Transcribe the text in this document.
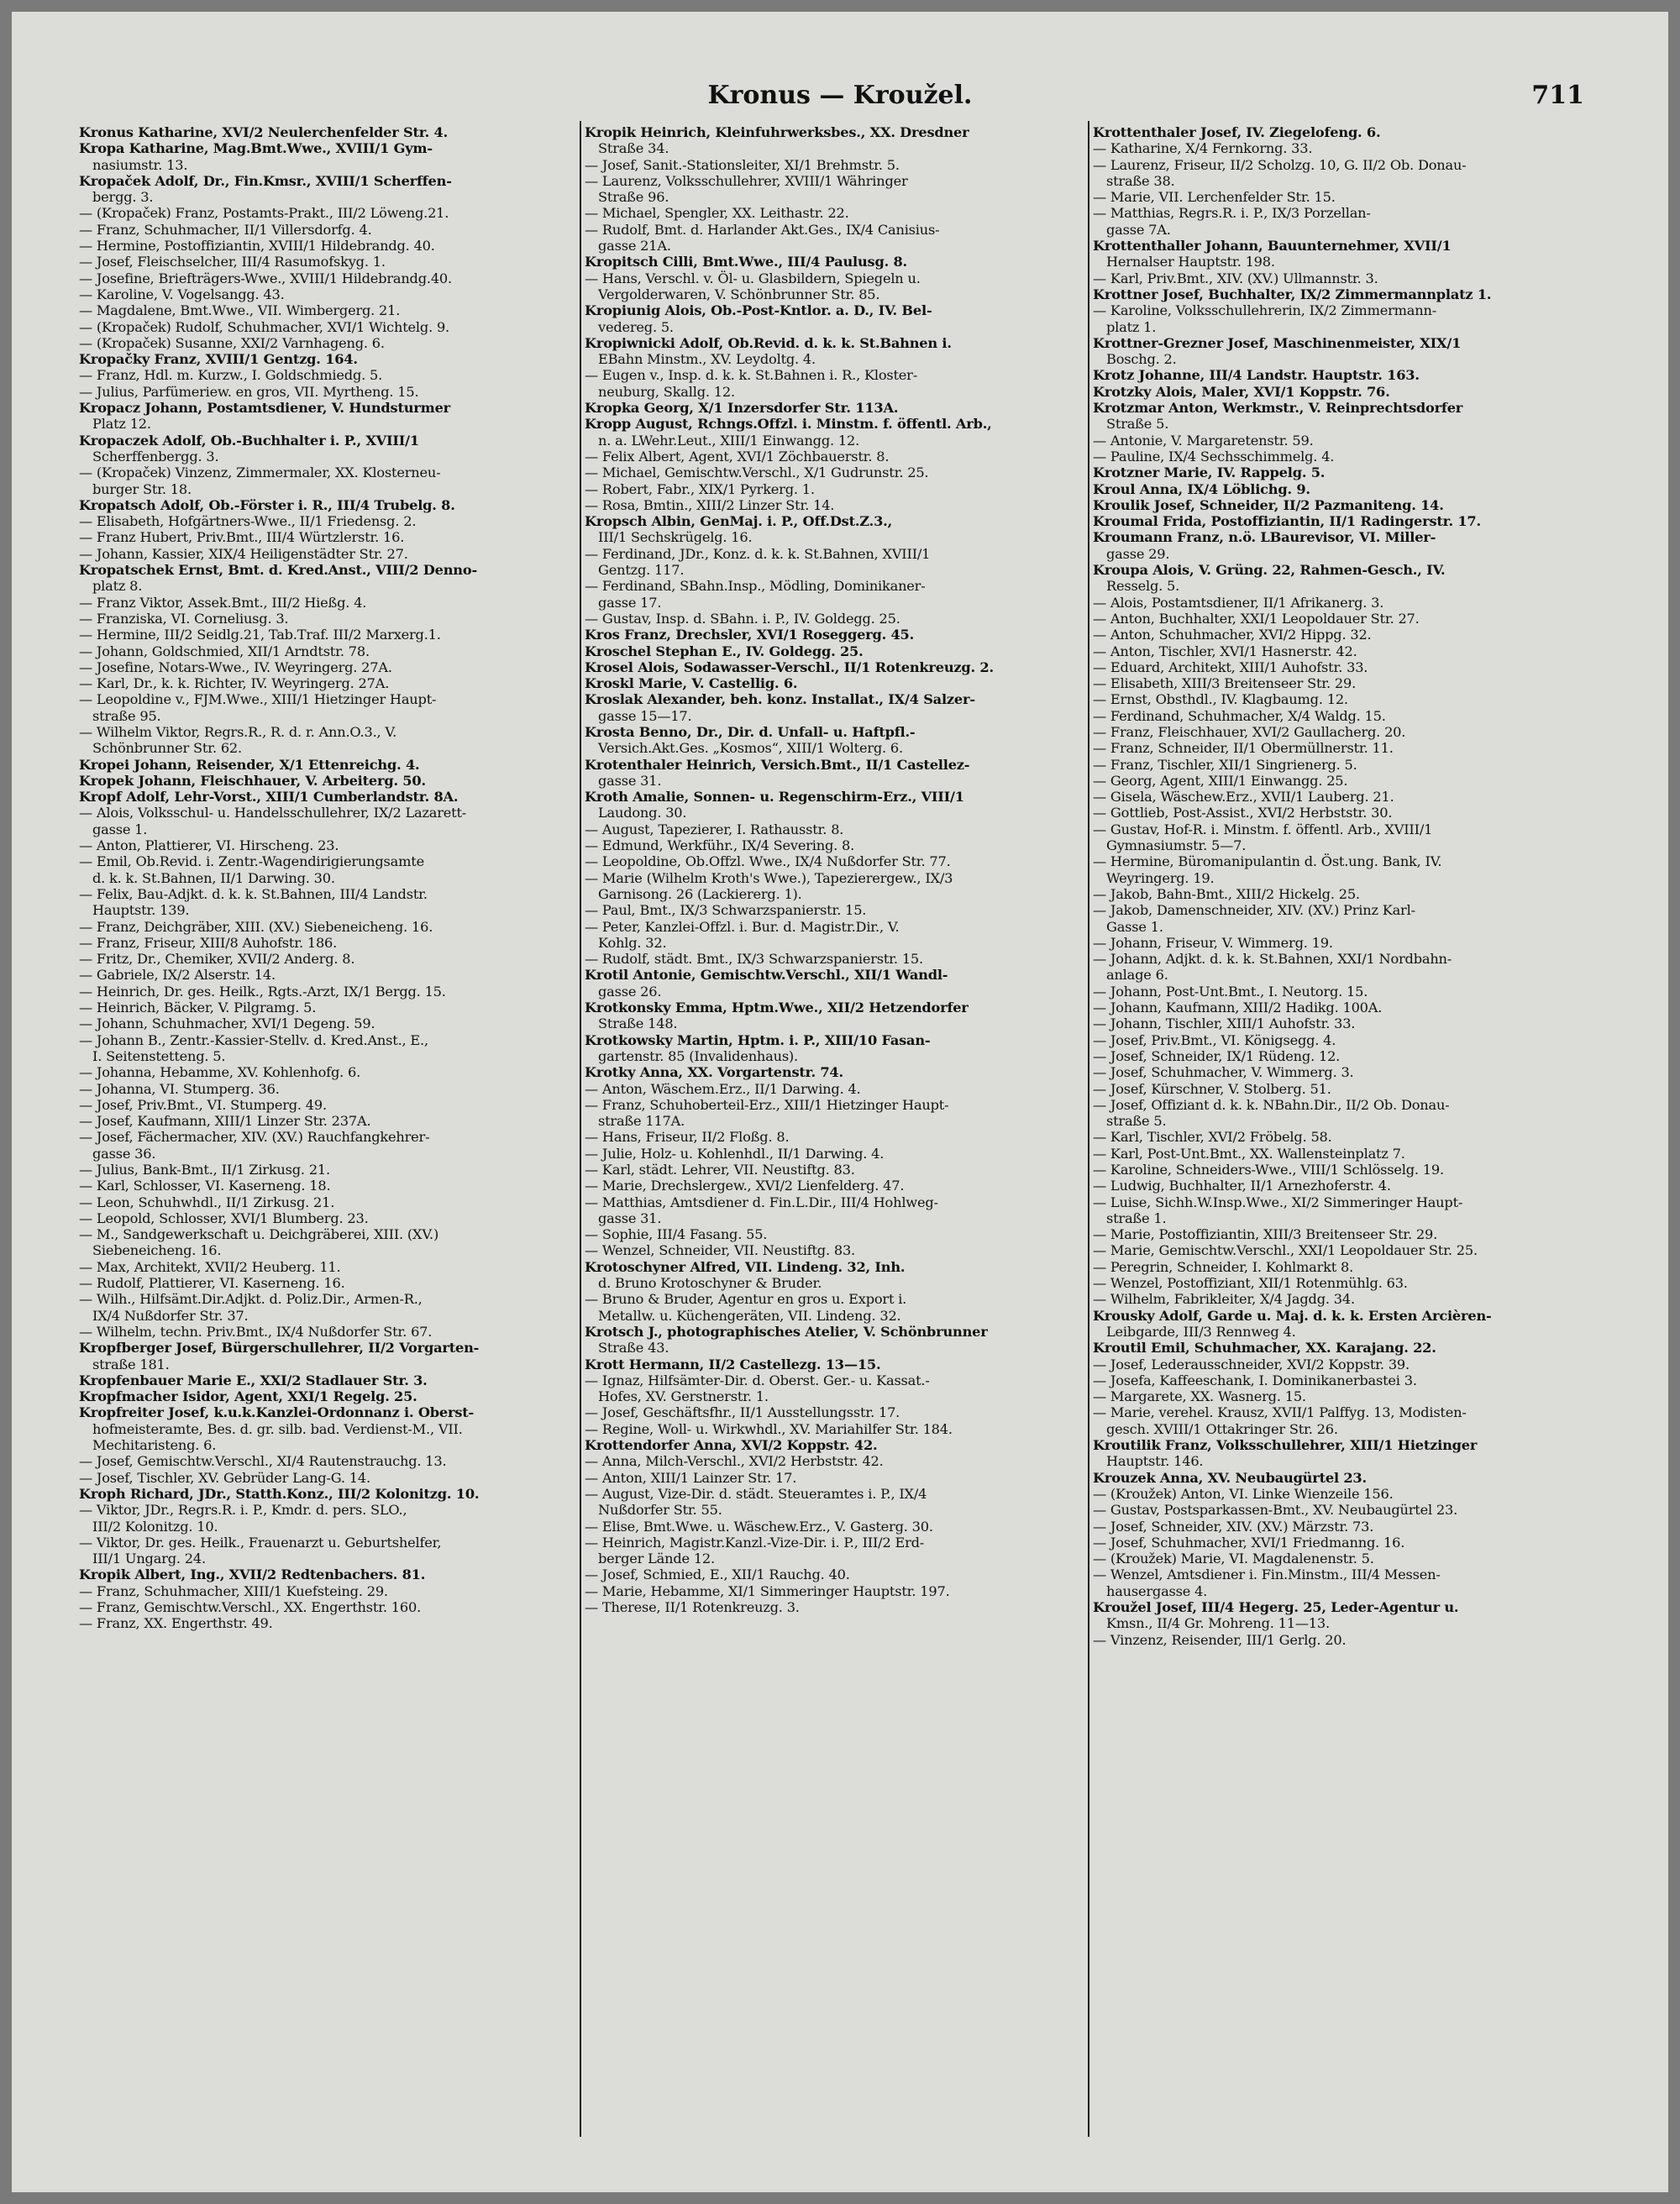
Kronus — Kroužel.	711
Kronus Katharine, XVI/2 Neulerchenfelder Str. 4.
Kropa Katharine, Mag.Bmt.Wwe., XVIII/1 Gym-
nasiumstr. 13.
Kropaček Adolf, Dr., Fin.Kmsr., XVIII/1 Scherffen-
bergg. 3.
— (Kropaček) Franz, Postamts-Prakt., III/2 Löweng.21.
— Franz, Schuhmacher, II/1 Villersdorfg. 4.
— Hermine, Postoffiziantin, XVIII/1 Hildebrandg. 40.
— Josef, Fleischselcher, III/4 Rasumofskyg. 1.
— Josefine, Briefträgers-Wwe., XVIII/1 Hildebrandg.40.
— Karoline, V. Vogelsangg. 43.
— Magdalene, Bmt.Wwe., VII. Wimbergerg. 21.
— (Kropaček) Rudolf, Schuhmacher, XVI/1 Wichtelg. 9.
— (Kropaček) Susanne, XXI/2 Varnhageng. 6.
Kropačky Franz, XVIII/1 Gentzg. 164.
— Franz, Hdl. m. Kurzw., I. Goldschmiedg. 5.
— Julius, Parfümeriew. en gros, VII. Myrtheng. 15.
Kropacz Johann, Postamtsdiener, V. Hundsturmer
Platz 12.
Kropaczek Adolf, Ob.-Buchhalter i. P., XVIII/1
Scherffenbergg. 3.
— (Kropaček) Vinzenz, Zimmermaler, XX. Klosterneu-
burger Str. 18.
Kropatsch Adolf, Ob.-Förster i. R., III/4 Trubelg. 8.
— Elisabeth, Hofgärtners-Wwe., II/1 Friedensg. 2.
— Franz Hubert, Priv.Bmt., III/4 Würtzlerstr. 16.
— Johann, Kassier, XIX/4 Heiligenstädter Str. 27.
Kropatschek Ernst, Bmt. d. Kred.Anst., VIII/2 Denno-
platz 8.
— Franz Viktor, Assek.Bmt., III/2 Hießg. 4.
— Franziska, VI. Corneliusg. 3.
— Hermine, III/2 Seidlg.21, Tab.Traf. III/2 Marxerg.1.
— Johann, Goldschmied, XII/1 Arndtstr. 78.
— Josefine, Notars-Wwe., IV. Weyringerg. 27A.
— Karl, Dr., k. k. Richter, IV. Weyringerg. 27A.
— Leopoldine v., FJM.Wwe., XIII/1 Hietzinger Haupt-
straße 95.
— Wilhelm Viktor, Regrs.R., R. d. r. Ann.O.3., V.
Schönbrunner Str. 62.
Kropei Johann, Reisender, X/1 Ettenreichg. 4.
Kropek Johann, Fleischhauer, V. Arbeiterg. 50.
Kropf Adolf, Lehr-Vorst., XIII/1 Cumberlandstr. 8A.
— Alois, Volksschul- u. Handelsschullehrer, IX/2 Lazarett-
gasse 1.
— Anton, Plattierer, VI. Hirscheng. 23.
— Emil, Ob.Revid. i. Zentr.-Wagendirigierungsamte
d. k. k. St.Bahnen, II/1 Darwing. 30.
— Felix, Bau-Adjkt. d. k. k. St.Bahnen, III/4 Landstr.
Hauptstr. 139.
— Franz, Deichgräber, XIII. (XV.) Siebeneicheng. 16.
— Franz, Friseur, XIII/8 Auhofstr. 186.
— Fritz, Dr., Chemiker, XVII/2 Anderg. 8.
— Gabriele, IX/2 Alserstr. 14.
— Heinrich, Dr. ges. Heilk., Rgts.-Arzt, IX/1 Bergg. 15.
— Heinrich, Bäcker, V. Pilgramg. 5.
— Johann, Schuhmacher, XVI/1 Degeng. 59.
— Johann B., Zentr.-Kassier-Stellv. d. Kred.Anst., E.,
I. Seitenstetteng. 5.
— Johanna, Hebamme, XV. Kohlenhofg. 6.
— Johanna, VI. Stumperg. 36.
— Josef, Priv.Bmt., VI. Stumperg. 49.
— Josef, Kaufmann, XIII/1 Linzer Str. 237A.
— Josef, Fächermacher, XIV. (XV.) Rauchfangkehrer-
gasse 36.
— Julius, Bank-Bmt., II/1 Zirkusg. 21.
— Karl, Schlosser, VI. Kaserneng. 18.
— Leon, Schuhwhdl., II/1 Zirkusg. 21.
— Leopold, Schlosser, XVI/1 Blumberg. 23.
— M., Sandgewerkschaft u. Deichgräberei, XIII. (XV.)
Siebeneicheng. 16.
— Max, Architekt, XVII/2 Heuberg. 11.
— Rudolf, Plattierer, VI. Kaserneng. 16.
— Wilh., Hilfsämt.Dir.Adjkt. d. Poliz.Dir., Armen-R.,
IX/4 Nußdorfer Str. 37.
— Wilhelm, techn. Priv.Bmt., IX/4 Nußdorfer Str. 67.
Kropfberger Josef, Bürgerschullehrer, II/2 Vorgarten-
straße 181.
Kropfenbauer Marie E., XXI/2 Stadlauer Str. 3.
Kropfmacher Isidor, Agent, XXI/1 Regelg. 25.
Kropfreiter Josef, k.u.k.Kanzlei-Ordonnanz i. Oberst-
hofmeisteramte, Bes. d. gr. silb. bad. Verdienst-M., VII.
Mechitaristeng. 6.
— Josef, Gemischtw.Verschl., XI/4 Rautenstrauchg. 13.
— Josef, Tischler, XV. Gebrüder Lang-G. 14.
Kroph Richard, JDr., Statth.Konz., III/2 Kolonitzg. 10.
— Viktor, JDr., Regrs.R. i. P., Kmdr. d. pers. SLO.,
III/2 Kolonitzg. 10.
— Viktor, Dr. ges. Heilk., Frauenarzt u. Geburtshelfer,
III/1 Ungarg. 24.
Kropik Albert, Ing., XVII/2 Redtenbachers. 81.
— Franz, Schuhmacher, XIII/1 Kuefsteing. 29.
— Franz, Gemischtw.Verschl., XX. Engerthstr. 160.
— Franz, XX. Engerthstr. 49.
Kropik Heinrich, Kleinfuhrwerksbes., XX. Dresdner
Straße 34.
— Josef, Sanit.-Stationsleiter, XI/1 Brehmstr. 5.
— Laurenz, Volksschullehrer, XVIII/1 Währinger
Straße 96.
— Michael, Spengler, XX. Leithastr. 22.
— Rudolf, Bmt. d. Harlander Akt.Ges., IX/4 Canisius-
gasse 21A.
Kropitsch Cilli, Bmt.Wwe., III/4 Paulusg. 8.
— Hans, Verschl. v. Öl- u. Glasbildern, Spiegeln u.
Vergolderwaren, V. Schönbrunner Str. 85.
Kropiunig Alois, Ob.-Post-Kntlor. a. D., IV. Bel-
vedereg. 5.
Kropiwnicki Adolf, Ob.Revid. d. k. k. St.Bahnen i.
EBahn Minstm., XV. Leydoltg. 4.
— Eugen v., Insp. d. k. k. St.Bahnen i. R., Kloster-
neuburg, Skallg. 12.
Kropka Georg, X/1 Inzersdorfer Str. 113A.
Kropp August, Rchngs.Offzl. i. Minstm. f. öffentl. Arb.,
n. a. LWehr.Leut., XIII/1 Einwangg. 12.
— Felix Albert, Agent, XVI/1 Zöchbauerstr. 8.
— Michael, Gemischtw.Verschl., X/1 Gudrunstr. 25.
— Robert, Fabr., XIX/1 Pyrkerg. 1.
— Rosa, Bmtin., XIII/2 Linzer Str. 14.
Kropsch Albin, GenMaj. i. P., Off.Dst.Z.3.,
III/1 Sechskrügelg. 16.
— Ferdinand, JDr., Konz. d. k. k. St.Bahnen, XVIII/1
Gentzg. 117.
— Ferdinand, SBahn.Insp., Mödling, Dominikaner-
gasse 17.
— Gustav, Insp. d. SBahn. i. P., IV. Goldegg. 25.
Kros Franz, Drechsler, XVI/1 Roseggerg. 45.
Kroschel Stephan E., IV. Goldegg. 25.
Krosel Alois, Sodawasser-Verschl., II/1 Rotenkreuzg. 2.
Kroskl Marie, V. Castellig. 6.
Kroslak Alexander, beh. konz. Installat., IX/4 Salzer-
gasse 15—17.
Krosta Benno, Dr., Dir. d. Unfall- u. Haftpfl.-
Versich.Akt.Ges. „Kosmos“, XIII/1 Wolterg. 6.
Krotenthaler Heinrich, Versich.Bmt., II/1 Castellez-
gasse 31.
Kroth Amalie, Sonnen- u. Regenschirm-Erz., VIII/1
Laudong. 30.
— August, Tapezierer, I. Rathausstr. 8.
— Edmund, Werkführ., IX/4 Severing. 8.
— Leopoldine, Ob.Offzl. Wwe., IX/4 Nußdorfer Str. 77.
— Marie (Wilhelm Kroth's Wwe.), Tapezierergew., IX/3
Garnisong. 26 (Lackiererg. 1).
— Paul, Bmt., IX/3 Schwarzspanierstr. 15.
— Peter, Kanzlei-Offzl. i. Bur. d. Magistr.Dir., V.
Kohlg. 32.
— Rudolf, städt. Bmt., IX/3 Schwarzspanierstr. 15.
Krotil Antonie, Gemischtw.Verschl., XII/1 Wandl-
gasse 26.
Krotkonsky Emma, Hptm.Wwe., XII/2 Hetzendorfer
Straße 148.
Krotkowsky Martin, Hptm. i. P., XIII/10 Fasan-
gartenstr. 85 (Invalidenhaus).
Krotky Anna, XX. Vorgartenstr. 74.
— Anton, Wäschem.Erz., II/1 Darwing. 4.
— Franz, Schuhoberteil-Erz., XIII/1 Hietzinger Haupt-
straße 117A.
— Hans, Friseur, II/2 Floßg. 8.
— Julie, Holz- u. Kohlenhdl., II/1 Darwing. 4.
— Karl, städt. Lehrer, VII. Neustiftg. 83.
— Marie, Drechslergew., XVI/2 Lienfelderg. 47.
— Matthias, Amtsdiener d. Fin.L.Dir., III/4 Hohlweg-
gasse 31.
— Sophie, III/4 Fasang. 55.
— Wenzel, Schneider, VII. Neustiftg. 83.
Krotoschyner Alfred, VII. Lindeng. 32, Inh.
d. Bruno Krotoschyner & Bruder.
— Bruno & Bruder, Agentur en gros u. Export i.
Metallw. u. Küchengeräten, VII. Lindeng. 32.
Krotsch J., photographisches Atelier, V. Schönbrunner
Straße 43.
Krott Hermann, II/2 Castellezg. 13—15.
— Ignaz, Hilfsämter-Dir. d. Oberst. Ger.- u. Kassat.-
Hofes, XV. Gerstnerstr. 1.
— Josef, Geschäftsfhr., II/1 Ausstellungsstr. 17.
— Regine, Woll- u. Wirkwhdl., XV. Mariahilfer Str. 184.
Krottendorfer Anna, XVI/2 Koppstr. 42.
— Anna, Milch-Verschl., XVI/2 Herbststr. 42.
— Anton, XIII/1 Lainzer Str. 17.
— August, Vize-Dir. d. städt. Steueramtes i. P., IX/4
Nußdorfer Str. 55.
— Elise, Bmt.Wwe. u. Wäschew.Erz., V. Gasterg. 30.
— Heinrich, Magistr.Kanzl.-Vize-Dir. i. P., III/2 Erd-
berger Lände 12.
— Josef, Schmied, E., XII/1 Rauchg. 40.
— Marie, Hebamme, XI/1 Simmeringer Hauptstr. 197.
— Therese, II/1 Rotenkreuzg. 3.
Krottenthaler Josef, IV. Ziegelofeng. 6.
— Katharine, X/4 Fernkorng. 33.
— Laurenz, Friseur, II/2 Scholzg. 10, G. II/2 Ob. Donau-
straße 38.
— Marie, VII. Lerchenfelder Str. 15.
— Matthias, Regrs.R. i. P., IX/3 Porzellan-
gasse 7A.
Krottenthaller Johann, Bauunternehmer, XVII/1
Hernalser Hauptstr. 198.
— Karl, Priv.Bmt., XIV. (XV.) Ullmannstr. 3.
Krottner Josef, Buchhalter, IX/2 Zimmermannplatz 1.
— Karoline, Volksschullehrerin, IX/2 Zimmermann-
platz 1.
Krottner-Grezner Josef, Maschinenmeister, XIX/1
Boschg. 2.
Krotz Johanne, III/4 Landstr. Hauptstr. 163.
Krotzky Alois, Maler, XVI/1 Koppstr. 76.
Krotzmar Anton, Werkmstr., V. Reinprechtsdorfer
Straße 5.
— Antonie, V. Margaretenstr. 59.
— Pauline, IX/4 Sechsschimmelg. 4.
Krotzner Marie, IV. Rappelg. 5.
Kroul Anna, IX/4 Löblichg. 9.
Kroulik Josef, Schneider, II/2 Pazmaniteng. 14.
Kroumal Frida, Postoffiziantin, II/1 Radingerstr. 17.
Kroumann Franz, n.ö. LBaurevisor, VI. Miller-
gasse 29.
Kroupa Alois, V. Grüng. 22, Rahmen-Gesch., IV.
Resselg. 5.
— Alois, Postamtsdiener, II/1 Afrikanerg. 3.
— Anton, Buchhalter, XXI/1 Leopoldauer Str. 27.
— Anton, Schuhmacher, XVI/2 Hippg. 32.
— Anton, Tischler, XVI/1 Hasnerstr. 42.
— Eduard, Architekt, XIII/1 Auhofstr. 33.
— Elisabeth, XIII/3 Breitenseer Str. 29.
— Ernst, Obsthdl., IV. Klagbaumg. 12.
— Ferdinand, Schuhmacher, X/4 Waldg. 15.
— Franz, Fleischhauer, XVI/2 Gaullacherg. 20.
— Franz, Schneider, II/1 Obermüllnerstr. 11.
— Franz, Tischler, XII/1 Singrienerg. 5.
— Georg, Agent, XIII/1 Einwangg. 25.
— Gisela, Wäschew.Erz., XVII/1 Lauberg. 21.
— Gottlieb, Post-Assist., XVI/2 Herbststr. 30.
— Gustav, Hof-R. i. Minstm. f. öffentl. Arb., XVIII/1
Gymnasiumstr. 5—7.
— Hermine, Büromanipulantin d. Öst.ung. Bank, IV.
Weyringerg. 19.
— Jakob, Bahn-Bmt., XIII/2 Hickelg. 25.
— Jakob, Damenschneider, XIV. (XV.) Prinz Karl-
Gasse 1.
— Johann, Friseur, V. Wimmerg. 19.
— Johann, Adjkt. d. k. k. St.Bahnen, XXI/1 Nordbahn-
anlage 6.
— Johann, Post-Unt.Bmt., I. Neutorg. 15.
— Johann, Kaufmann, XIII/2 Hadikg. 100A.
— Johann, Tischler, XIII/1 Auhofstr. 33.
— Josef, Priv.Bmt., VI. Königsegg. 4.
— Josef, Schneider, IX/1 Rüdeng. 12.
— Josef, Schuhmacher, V. Wimmerg. 3.
— Josef, Kürschner, V. Stolberg. 51.
— Josef, Offiziant d. k. k. NBahn.Dir., II/2 Ob. Donau-
straße 5.
— Karl, Tischler, XVI/2 Fröbelg. 58.
— Karl, Post-Unt.Bmt., XX. Wallensteinplatz 7.
— Karoline, Schneiders-Wwe., VIII/1 Schlösselg. 19.
— Ludwig, Buchhalter, II/1 Arnezhoferstr. 4.
— Luise, Sichh.W.Insp.Wwe., XI/2 Simmeringer Haupt-
straße 1.
— Marie, Postoffiziantin, XIII/3 Breitenseer Str. 29.
— Marie, Gemischtw.Verschl., XXI/1 Leopoldauer Str. 25.
— Peregrin, Schneider, I. Kohlmarkt 8.
— Wenzel, Postoffiziant, XII/1 Rotenmühlg. 63.
— Wilhelm, Fabrikleiter, X/4 Jagdg. 34.
Krousky Adolf, Garde u. Maj. d. k. k. Ersten Arcièren-
Leibgarde, III/3 Rennweg 4.
Kroutil Emil, Schuhmacher, XX. Karajang. 22.
— Josef, Lederausschneider, XVI/2 Koppstr. 39.
— Josefa, Kaffeeschank, I. Dominikanerbastei 3.
— Margarete, XX. Wasnerg. 15.
— Marie, verehel. Krausz, XVII/1 Palffyg. 13, Modisten-
gesch. XVIII/1 Ottakringer Str. 26.
Kroutilik Franz, Volksschullehrer, XIII/1 Hietzinger
Hauptstr. 146.
Krouzek Anna, XV. Neubaugürtel 23.
— (Kroužek) Anton, VI. Linke Wienzeile 156.
— Gustav, Postsparkassen-Bmt., XV. Neubaugürtel 23.
— Josef, Schneider, XIV. (XV.) Märzstr. 73.
— Josef, Schuhmacher, XVI/1 Friedmanng. 16.
— (Kroužek) Marie, VI. Magdalenenstr. 5.
— Wenzel, Amtsdiener i. Fin.Minstm., III/4 Messen-
hausergasse 4.
Kroužel Josef, III/4 Hegerg. 25, Leder-Agentur u.
Kmsn., II/4 Gr. Mohreng. 11—13.
— Vinzenz, Reisender, III/1 Gerlg. 20.
